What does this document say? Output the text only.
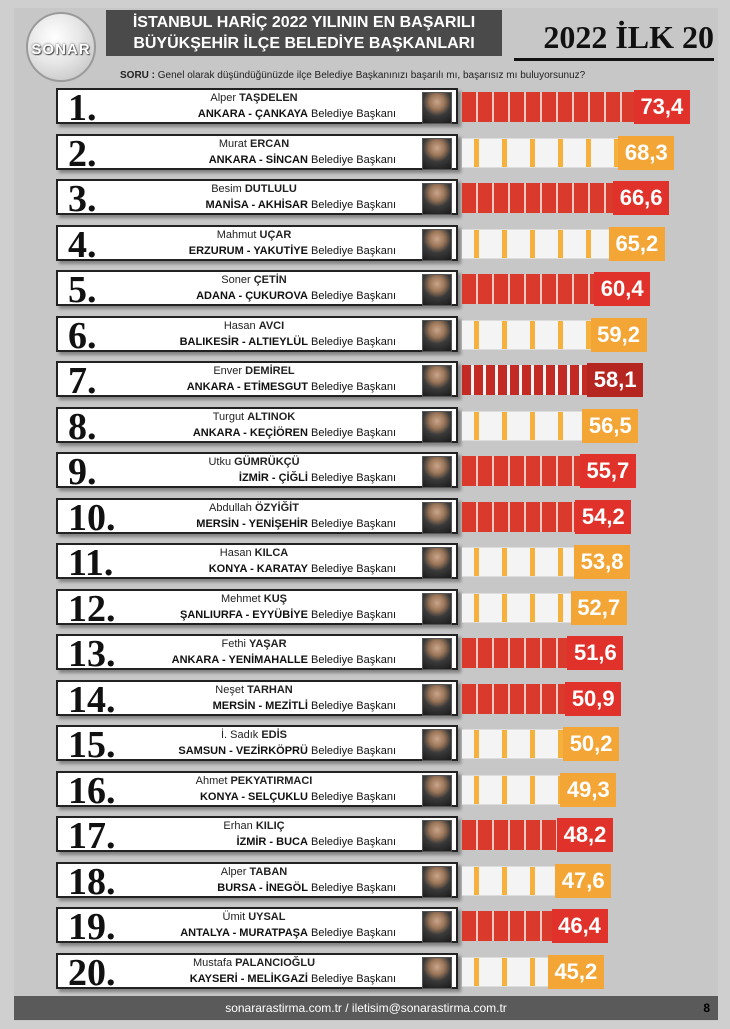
SONAR
İSTANBUL HARİÇ 2022 YILININ EN BAŞARILI
BÜYÜKŞEHİR İLÇE BELEDİYE BAŞKANLARI	2022 İLK 20
SORU : Genel olarak düşündüğünüzde ilçe Belediye Başkanınızı başarılı mı, başarısız mı buluyorsunuz?
1.	Alper TAŞDELEN
ANKARA - ÇANKAYA Belediye Başkanı	73,4
2.	Murat ERCAN
ANKARA - SİNCAN Belediye Başkanı	68,3
3.	Besim DUTLULU
MANİSA - AKHİSAR Belediye Başkanı	66,6
4.	Mahmut UÇAR
ERZURUM - YAKUTİYE Belediye Başkanı	65,2
5.	Soner ÇETİN
ADANA - ÇUKUROVA Belediye Başkanı	60,4
6.	Hasan AVCI
BALIKESİR - ALTIEYLÜL Belediye Başkanı	59,2
7.	Enver DEMİREL
ANKARA - ETİMESGUT Belediye Başkanı	58,1
8.	Turgut ALTINOK
ANKARA - KEÇİÖREN Belediye Başkanı	56,5
9.	Utku GÜMRÜKÇÜ
İZMİR - ÇİĞLİ Belediye Başkanı	55,7
10.	Abdullah ÖZYİĞİT
MERSİN - YENİŞEHİR Belediye Başkanı	54,2
11.	Hasan KILCA
KONYA - KARATAY Belediye Başkanı	53,8
12.	Mehmet KUŞ
ŞANLIURFA - EYYÜBİYE Belediye Başkanı	52,7
13.	Fethi YAŞAR
ANKARA - YENİMAHALLE Belediye Başkanı	51,6
14.	Neşet TARHAN
MERSİN - MEZİTLİ Belediye Başkanı	50,9
15.	İ. Sadık EDİS
SAMSUN - VEZİRKÖPRÜ Belediye Başkanı	50,2
16.	Ahmet PEKYATIRMACI
KONYA - SELÇUKLU Belediye Başkanı	49,3
17.	Erhan KILIÇ
İZMİR - BUCA Belediye Başkanı	48,2
18.	Alper TABAN
BURSA - İNEGÖL Belediye Başkanı	47,6
19.	Ümit UYSAL
ANTALYA - MURATPAŞA Belediye Başkanı	46,4
20.	Mustafa PALANCIOĞLU
KAYSERİ - MELİKGAZİ Belediye Başkanı	45,2
sonararastirma.com.tr / iletisim@sonarastirma.com.tr	8
